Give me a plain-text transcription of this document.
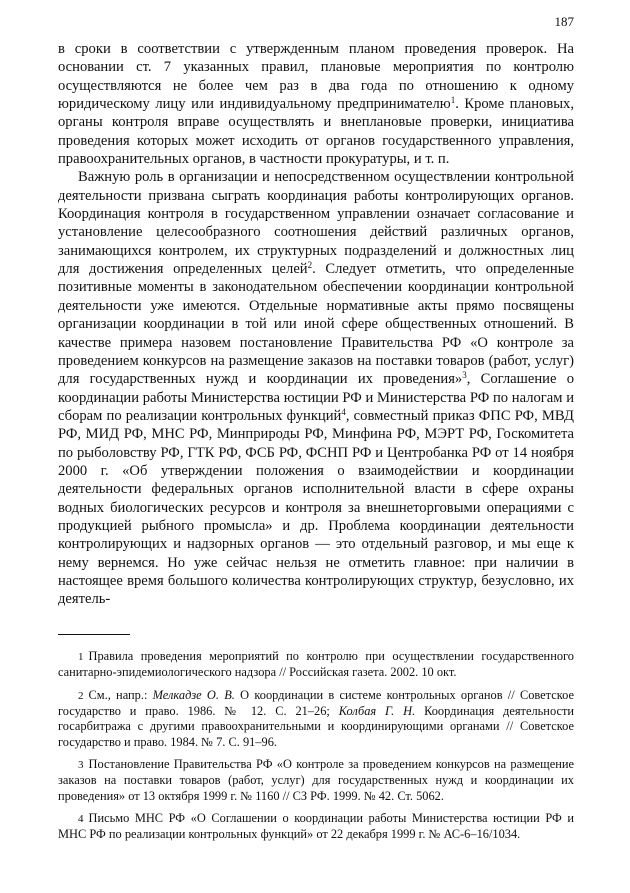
187

в сроки в соответствии с утвержденным планом проведения проверок. На основании ст. 7 указанных правил, плановые мероприятия по контролю осуществляются не более чем раз в два года по отношению к одному юридическому лицу или индивидуальному предпринимателю$^1$. Кроме плановых, органы контроля вправе осуществлять и внеплановые проверки, инициатива проведения которых может исходить от органов государственного управления, правоохранительных органов, в частности прокуратуры, и т. п.

Важную роль в организации и непосредственном осуществлении контрольной деятельности призвана сыграть координация работы контролирующих органов. Координация контроля в государственном управлении означает согласование и установление целесообразного соотношения действий различных органов, занимающихся контролем, их структурных подразделений и должностных лиц для достижения определенных целей$^2$. Следует отметить, что определенные позитивные моменты в законодательном обеспечении координации контрольной деятельности уже имеются. Отдельные нормативные акты прямо посвящены организации координации в той или иной сфере общественных отношений. В качестве примера назовем постановление Правительства РФ «О контроле за проведением конкурсов на размещение заказов на поставки товаров (работ, услуг) для государственных нужд и координации их проведения»$^3$, Соглашение о координации работы Министерства юстиции РФ и Министерства РФ по налогам и сборам по реализации контрольных функций$^4$, совместный приказ ФПС РФ, МВД РФ, МИД РФ, МНС РФ, Минприроды РФ, Минфина РФ, МЭРТ РФ, Госкомитета по рыболовству РФ, ГТК РФ, ФСБ РФ, ФСНП РФ и Центробанка РФ от 14 ноября 2000 г. «Об утверждении положения о взаимодействии и координации деятельности федеральных органов исполнительной власти в сфере охраны водных биологических ресурсов и контроля за внешнеторговыми операциями с продукцией рыбного промысла» и др. Проблема координации деятельности контролирующих и надзорных органов — это отдельный разговор, и мы еще к нему вернемся. Но уже сейчас нельзя не отметить главное: при наличии в настоящее время большого количества контролирующих структур, безусловно, их деятель-

1 Правила проведения мероприятий по контролю при осуществлении государственного санитарно-эпидемиологического надзора // Российская газета. 2002. 10 окт.

2 См., напр.: Мелкадзе О. В. О координации в системе контрольных органов // Советское государство и право. 1986. № 12. С. 21–26; Колбая Г. Н. Координация деятельности госарбитража с другими правоохранительными и координирующими органами // Советское государство и право. 1984. № 7. С. 91–96.

3 Постановление Правительства РФ «О контроле за проведением конкурсов на размещение заказов на поставки товаров (работ, услуг) для государственных нужд и координации их проведения» от 13 октября 1999 г. № 1160 // СЗ РФ. 1999. № 42. Ст. 5062.

4 Письмо МНС РФ «О Соглашении о координации работы Министерства юстиции РФ и МНС РФ по реализации контрольных функций» от 22 декабря 1999 г. № АС-6–16/1034.
